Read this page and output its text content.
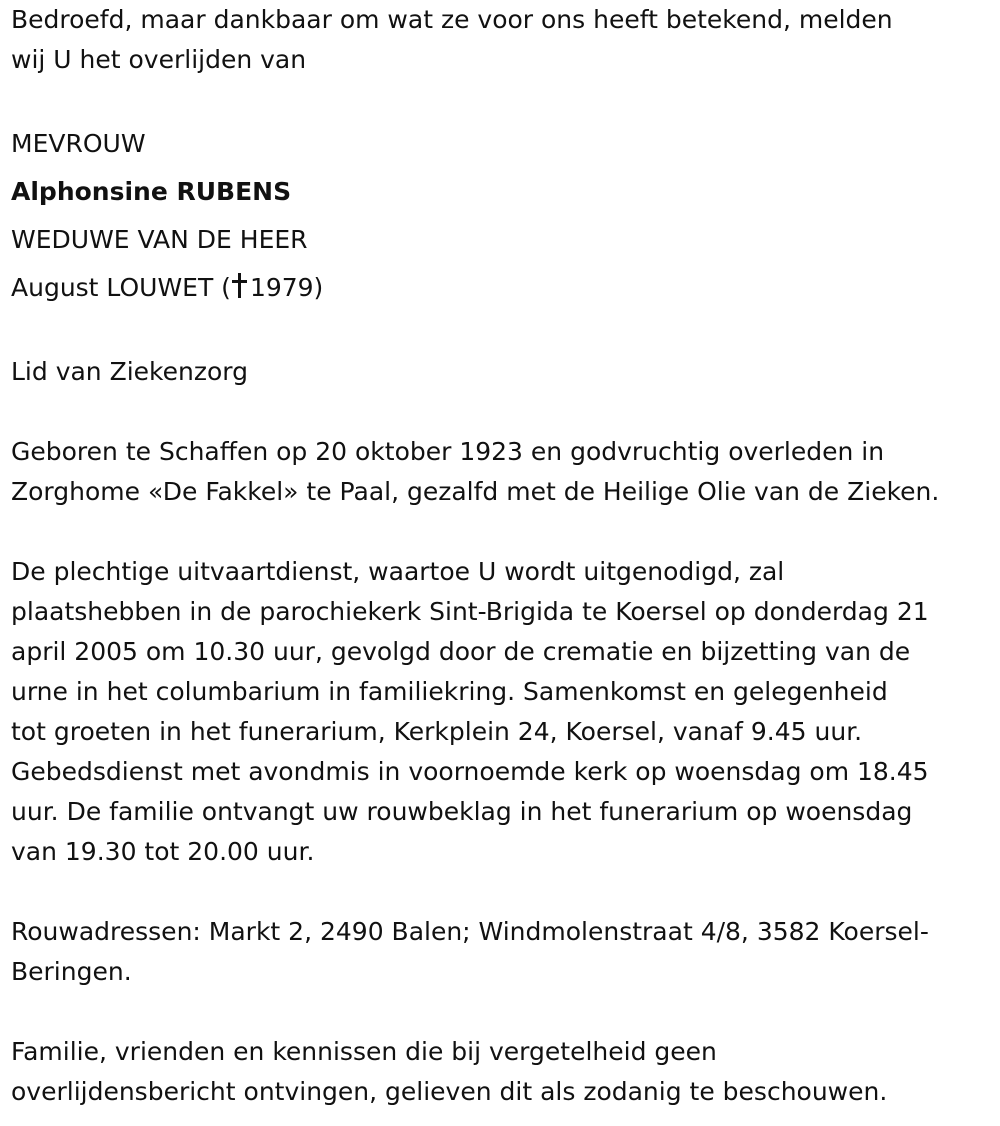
Bedroefd, maar dankbaar om wat ze voor ons heeft betekend, melden
wij U het overlijden van
MEVROUW
Alphonsine RUBENS
WEDUWE VAN DE HEER
August LOUWET ( 1979)
Lid van Ziekenzorg
Geboren te Schaffen op 20 oktober 1923 en godvruchtig overleden in
Zorghome «De Fakkel» te Paal, gezalfd met de Heilige Olie van de Zieken.
De plechtige uitvaartdienst, waartoe U wordt uitgenodigd, zal
plaatshebben in de parochiekerk Sint-Brigida te Koersel op donderdag 21
april 2005 om 10.30 uur, gevolgd door de crematie en bijzetting van de
urne in het columbarium in familiekring. Samenkomst en gelegenheid
tot groeten in het funerarium, Kerkplein 24, Koersel, vanaf 9.45 uur.
Gebedsdienst met avondmis in voornoemde kerk op woensdag om 18.45
uur. De familie ontvangt uw rouwbeklag in het funerarium op woensdag
van 19.30 tot 20.00 uur.
Rouwadressen: Markt 2, 2490 Balen; Windmolenstraat 4/8, 3582 Koersel-
Beringen.
Familie, vrienden en kennissen die bij vergetelheid geen
overlijdensbericht ontvingen, gelieven dit als zodanig te beschouwen.
